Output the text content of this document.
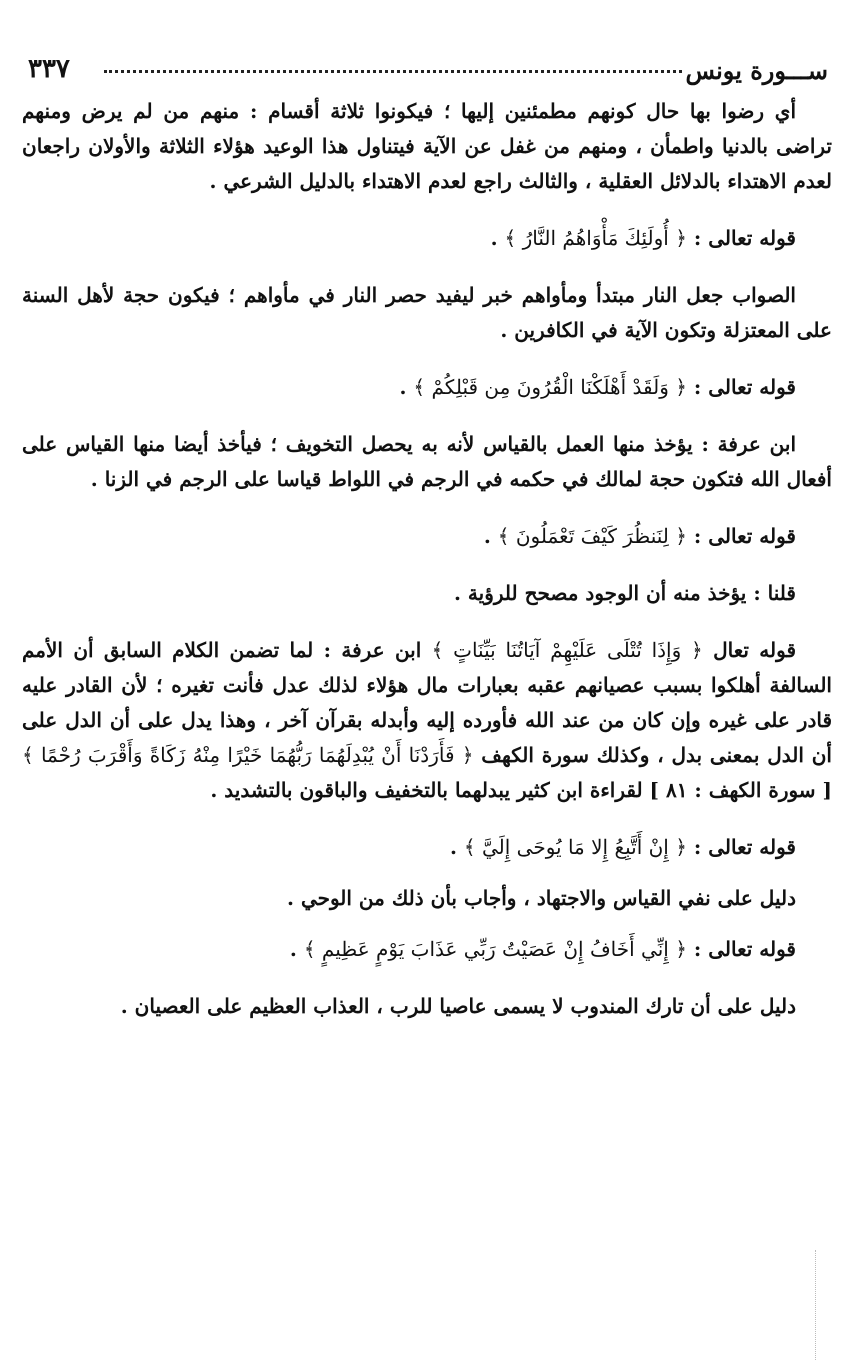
ســـورة يونس
٣٣٧

أي رضوا بها حال كونهم مطمئنين إليها ؛ فيكونوا ثلاثة أقسام : منهم من لم يرض ومنهم تراضى بالدنيا واطمأن ، ومنهم من غفل عن الآية فيتناول هذا الوعيد هؤلاء الثلاثة والأولان راجعان لعدم الاهتداء بالدلائل العقلية ، والثالث راجع لعدم الاهتداء بالدليل الشرعي .

قوله تعالى : ﴿ أُولَئِكَ مَأْوَاهُمُ النَّارُ ﴾ .

الصواب جعل النار مبتدأ ومأواهم خبر ليفيد حصر النار في مأواهم ؛ فيكون حجة لأهل السنة على المعتزلة وتكون الآية في الكافرين .

قوله تعالى : ﴿ وَلَقَدْ أَهْلَكْنَا الْقُرُونَ مِن قَبْلِكُمْ ﴾ .

ابن عرفة : يؤخذ منها العمل بالقياس لأنه به يحصل التخويف ؛ فيأخذ أيضا منها القياس على أفعال الله فتكون حجة لمالك في حكمه في الرجم في اللواط قياسا على الرجم في الزنا .

قوله تعالى : ﴿ لِنَنظُرَ كَيْفَ تَعْمَلُونَ ﴾ .

قلنا : يؤخذ منه أن الوجود مصحح للرؤية .

قوله تعال ﴿ وَإِذَا تُتْلَى عَلَيْهِمْ آيَاتُنَا بَيِّنَاتٍ ﴾ ابن عرفة : لما تضمن الكلام السابق أن الأمم السالفة أهلكوا بسبب عصيانهم عقبه بعبارات مال هؤلاء لذلك عدل فأنت تغيره ؛ لأن القادر عليه قادر على غيره وإن كان من عند الله فأورده إليه وأبدله بقرآن آخر ، وهذا يدل على أن الدل على أن الدل بمعنى بدل ، وكذلك سورة الكهف ﴿ فَأَرَدْنَا أَنْ يُبْدِلَهُمَا رَبُّهُمَا خَيْرًا مِنْهُ زَكَاةً وَأَقْرَبَ رُحْمًا ﴾ [ سورة الكهف : ٨١ ] لقراءة ابن كثير يبدلهما بالتخفيف والباقون بالتشديد .

قوله تعالى : ﴿ إِنْ أَتَّبِعُ إِلا مَا يُوحَى إِلَيَّ ﴾ .

دليل على نفي القياس والاجتهاد ، وأجاب بأن ذلك من الوحي .

قوله تعالى : ﴿ إِنِّي أَخَافُ إِنْ عَصَيْتُ رَبِّي عَذَابَ يَوْمٍ عَظِيمٍ ﴾ .

دليل على أن تارك المندوب لا يسمى عاصيا للرب ، العذاب العظيم على العصيان .
